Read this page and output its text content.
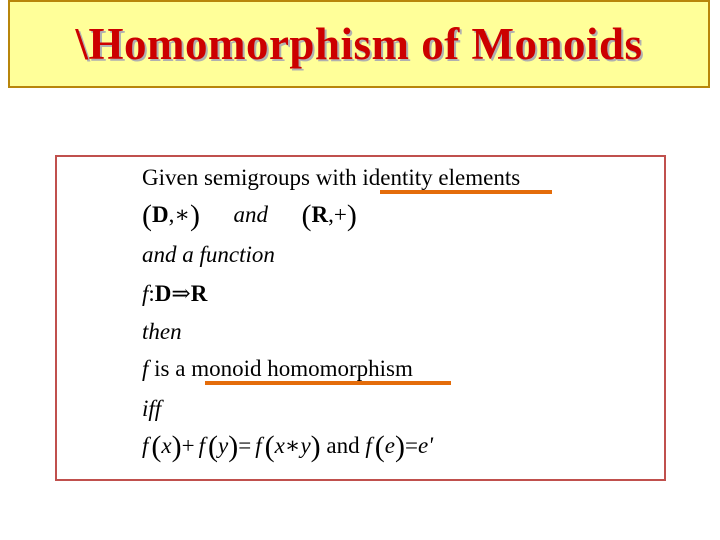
\Homomorphism of Monoids
Given semigroups with identity elements
(D,∗) and (R,+)
and a function
f:D⇒R
then
f is a monoid homomorphism
iff
f (x)+ f (y)= f (x∗y) and f (e)=e'
